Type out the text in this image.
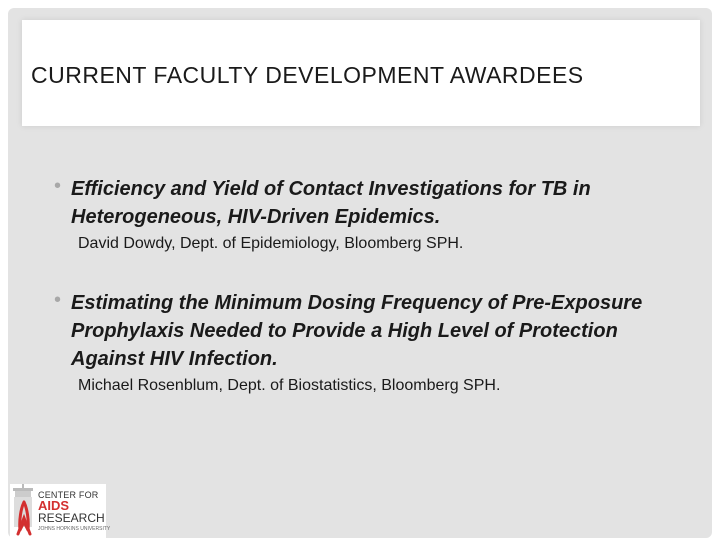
CURRENT FACULTY DEVELOPMENT AWARDEES
• Efficiency and Yield of Contact Investigations for TB in Heterogeneous, HIV-Driven Epidemics.
David Dowdy, Dept. of Epidemiology, Bloomberg SPH.
• Estimating the Minimum Dosing Frequency of Pre-Exposure Prophylaxis Needed to Provide a High Level of Protection Against HIV Infection.
Michael Rosenblum, Dept. of Biostatistics, Bloomberg SPH.
CENTER FOR
AIDS
RESEARCH
JOHNS HOPKINS UNIVERSITY
